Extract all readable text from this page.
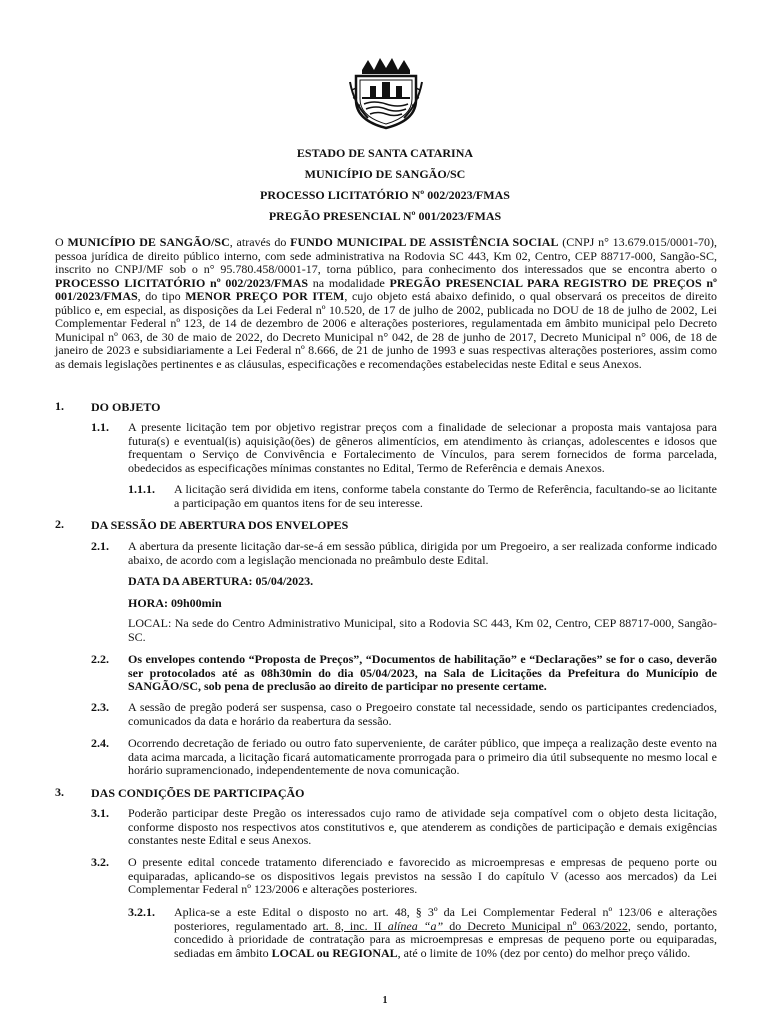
ESTADO DE SANTA CATARINA
MUNICÍPIO DE SANGÃO/SC
PROCESSO LICITATÓRIO Nº 002/2023/FMAS
PREGÃO PRESENCIAL Nº 001/2023/FMAS
O MUNICÍPIO DE SANGÃO/SC, através do FUNDO MUNICIPAL DE ASSISTÊNCIA SOCIAL (CNPJ n° 13.679.015/0001-70), pessoa jurídica de direito público interno, com sede administrativa na Rodovia SC 443, Km 02, Centro, CEP 88717-000, Sangão-SC, inscrito no CNPJ/MF sob o n° 95.780.458/0001-17, torna público, para conhecimento dos interessados que se encontra aberto o PROCESSO LICITATÓRIO nº 002/2023/FMAS na modalidade PREGÃO PRESENCIAL PARA REGISTRO DE PREÇOS nº 001/2023/FMAS, do tipo MENOR PREÇO POR ITEM, cujo objeto está abaixo definido, o qual observará os preceitos de direito público e, em especial, as disposições da Lei Federal nº 10.520, de 17 de julho de 2002, publicada no DOU de 18 de julho de 2002, Lei Complementar Federal nº 123, de 14 de dezembro de 2006 e alterações posteriores, regulamentada em âmbito municipal pelo Decreto Municipal nº 063, de 30 de maio de 2022, do Decreto Municipal n° 042, de 28 de junho de 2017, Decreto Municipal n° 006, de 18 de janeiro de 2023 e subsidiariamente a Lei Federal nº 8.666, de 21 de junho de 1993 e suas respectivas alterações posteriores, assim como as demais legislações pertinentes e as cláusulas, especificações e recomendações estabelecidas neste Edital e seus Anexos.
1. DO OBJETO
1.1. A presente licitação tem por objetivo registrar preços com a finalidade de selecionar a proposta mais vantajosa para futura(s) e eventual(is) aquisição(ões) de gêneros alimentícios, em atendimento às crianças, adolescentes e idosos que frequentam o Serviço de Convivência e Fortalecimento de Vínculos, para serem fornecidos de forma parcelada, obedecidos as especificações mínimas constantes no Edital, Termo de Referência e demais Anexos.
1.1.1. A licitação será dividida em itens, conforme tabela constante do Termo de Referência, facultando-se ao licitante a participação em quantos itens for de seu interesse.
2. DA SESSÃO DE ABERTURA DOS ENVELOPES
2.1. A abertura da presente licitação dar-se-á em sessão pública, dirigida por um Pregoeiro, a ser realizada conforme indicado abaixo, de acordo com a legislação mencionada no preâmbulo deste Edital.
DATA DA ABERTURA: 05/04/2023.
HORA: 09h00min
LOCAL: Na sede do Centro Administrativo Municipal, sito a Rodovia SC 443, Km 02, Centro, CEP 88717-000, Sangão-SC.
2.2. Os envelopes contendo “Proposta de Preços”, “Documentos de habilitação” e “Declarações” se for o caso, deverão ser protocolados até as 08h30min do dia 05/04/2023, na Sala de Licitações da Prefeitura do Município de SANGÃO/SC, sob pena de preclusão ao direito de participar no presente certame.
2.3. A sessão de pregão poderá ser suspensa, caso o Pregoeiro constate tal necessidade, sendo os participantes credenciados, comunicados da data e horário da reabertura da sessão.
2.4. Ocorrendo decretação de feriado ou outro fato superveniente, de caráter público, que impeça a realização deste evento na data acima marcada, a licitação ficará automaticamente prorrogada para o primeiro dia útil subsequente no mesmo local e horário supramencionado, independentemente de nova comunicação.
3. DAS CONDIÇÕES DE PARTICIPAÇÃO
3.1. Poderão participar deste Pregão os interessados cujo ramo de atividade seja compatível com o objeto desta licitação, conforme disposto nos respectivos atos constitutivos e, que atenderem as condições de participação e demais exigências constantes neste Edital e seus Anexos.
3.2. O presente edital concede tratamento diferenciado e favorecido as microempresas e empresas de pequeno porte ou equiparadas, aplicando-se os dispositivos legais previstos na sessão I do capítulo V (acesso aos mercados) da Lei Complementar Federal nº 123/2006 e alterações posteriores.
3.2.1. Aplica-se a este Edital o disposto no art. 48, § 3º da Lei Complementar Federal nº 123/06 e alterações posteriores, regulamentado art. 8, inc. II alínea “a” do Decreto Municipal nº 063/2022, sendo, portanto, concedido à prioridade de contratação para as microempresas e empresas de pequeno porte ou equiparadas, sediadas em âmbito LOCAL ou REGIONAL, até o limite de 10% (dez por cento) do melhor preço válido.
1
